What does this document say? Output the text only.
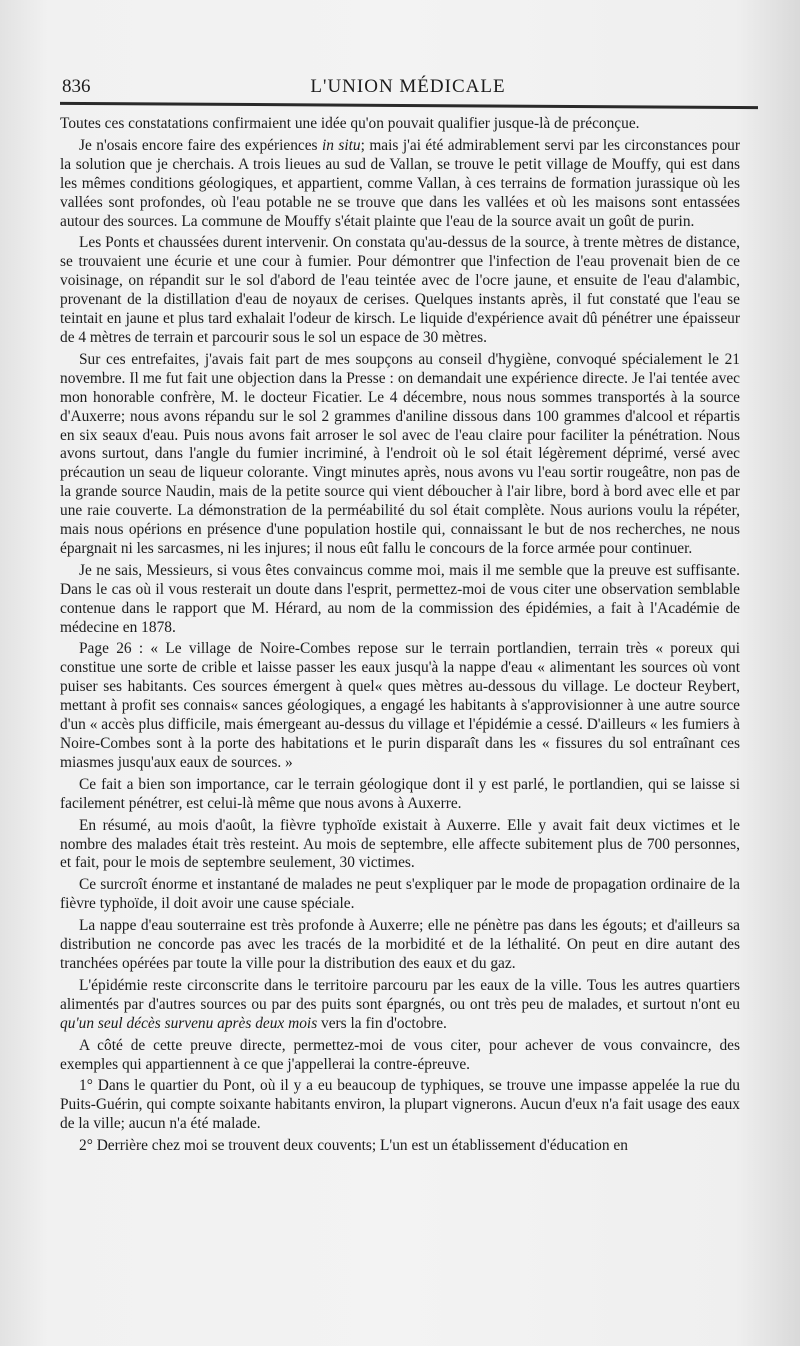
836	L'UNION MÉDICALE

Toutes ces constatations confirmaient une idée qu'on pouvait qualifier jusque-là de préconçue.

Je n'osais encore faire des expériences in situ; mais j'ai été admirablement servi par les circonstances pour la solution que je cherchais. A trois lieues au sud de Vallan, se trouve le petit village de Mouffy, qui est dans les mêmes conditions géologiques, et appartient, comme Vallan, à ces terrains de formation jurassique où les vallées sont profondes, où l'eau potable ne se trouve que dans les vallées et où les maisons sont entassées autour des sources. La commune de Mouffy s'était plainte que l'eau de la source avait un goût de purin.

Les Ponts et chaussées durent intervenir. On constata qu'au-dessus de la source, à trente mètres de distance, se trouvaient une écurie et une cour à fumier. Pour démontrer que l'infection de l'eau provenait bien de ce voisinage, on répandit sur le sol d'abord de l'eau teintée avec de l'ocre jaune, et ensuite de l'eau d'alambic, provenant de la distillation d'eau de noyaux de cerises. Quelques instants après, il fut constaté que l'eau se teintait en jaune et plus tard exhalait l'odeur de kirsch. Le liquide d'expérience avait dû pénétrer une épaisseur de 4 mètres de terrain et parcourir sous le sol un espace de 30 mètres.

Sur ces entrefaites, j'avais fait part de mes soupçons au conseil d'hygiène, convoqué spécialement le 21 novembre. Il me fut fait une objection dans la Presse : on demandait une expérience directe. Je l'ai tentée avec mon honorable confrère, M. le docteur Ficatier. Le 4 décembre, nous nous sommes transportés à la source d'Auxerre; nous avons répandu sur le sol 2 grammes d'aniline dissous dans 100 grammes d'alcool et répartis en six seaux d'eau. Puis nous avons fait arroser le sol avec de l'eau claire pour faciliter la pénétration. Nous avons surtout, dans l'angle du fumier incriminé, à l'endroit où le sol était légèrement déprimé, versé avec précaution un seau de liqueur colorante. Vingt minutes après, nous avons vu l'eau sortir rougeâtre, non pas de la grande source Naudin, mais de la petite source qui vient déboucher à l'air libre, bord à bord avec elle et par une raie couverte. La démonstration de la perméabilité du sol était complète. Nous aurions voulu la répéter, mais nous opérions en présence d'une population hostile qui, connaissant le but de nos recherches, ne nous épargnait ni les sarcasmes, ni les injures; il nous eût fallu le concours de la force armée pour continuer.

Je ne sais, Messieurs, si vous êtes convaincus comme moi, mais il me semble que la preuve est suffisante. Dans le cas où il vous resterait un doute dans l'esprit, permettez-moi de vous citer une observation semblable contenue dans le rapport que M. Hérard, au nom de la commission des épidémies, a fait à l'Académie de médecine en 1878.

Page 26 : « Le village de Noire-Combes repose sur le terrain portlandien, terrain très « poreux qui constitue une sorte de crible et laisse passer les eaux jusqu'à la nappe d'eau « alimentant les sources où vont puiser ses habitants. Ces sources émergent à quel« ques mètres au-dessous du village. Le docteur Reybert, mettant à profit ses connais« sances géologiques, a engagé les habitants à s'approvisionner à une autre source d'un « accès plus difficile, mais émergeant au-dessus du village et l'épidémie a cessé. D'ailleurs « les fumiers à Noire-Combes sont à la porte des habitations et le purin disparaît dans les « fissures du sol entraînant ces miasmes jusqu'aux eaux de sources. »

Ce fait a bien son importance, car le terrain géologique dont il y est parlé, le portlandien, qui se laisse si facilement pénétrer, est celui-là même que nous avons à Auxerre.

En résumé, au mois d'août, la fièvre typhoïde existait à Auxerre. Elle y avait fait deux victimes et le nombre des malades était très resteint. Au mois de septembre, elle affecte subitement plus de 700 personnes, et fait, pour le mois de septembre seulement, 30 victimes.

Ce surcroît énorme et instantané de malades ne peut s'expliquer par le mode de propagation ordinaire de la fièvre typhoïde, il doit avoir une cause spéciale.

La nappe d'eau souterraine est très profonde à Auxerre; elle ne pénètre pas dans les égouts; et d'ailleurs sa distribution ne concorde pas avec les tracés de la morbidité et de la léthalité. On peut en dire autant des tranchées opérées par toute la ville pour la distribution des eaux et du gaz.

L'épidémie reste circonscrite dans le territoire parcouru par les eaux de la ville. Tous les autres quartiers alimentés par d'autres sources ou par des puits sont épargnés, ou ont très peu de malades, et surtout n'ont eu qu'un seul décès survenu après deux mois vers la fin d'octobre.

A côté de cette preuve directe, permettez-moi de vous citer, pour achever de vous convaincre, des exemples qui appartiennent à ce que j'appellerai la contre-épreuve.

1° Dans le quartier du Pont, où il y a eu beaucoup de typhiques, se trouve une impasse appelée la rue du Puits-Guérin, qui compte soixante habitants environ, la plupart vignerons. Aucun d'eux n'a fait usage des eaux de la ville; aucun n'a été malade.

2° Derrière chez moi se trouvent deux couvents; L'un est un établissement d'éducation en
